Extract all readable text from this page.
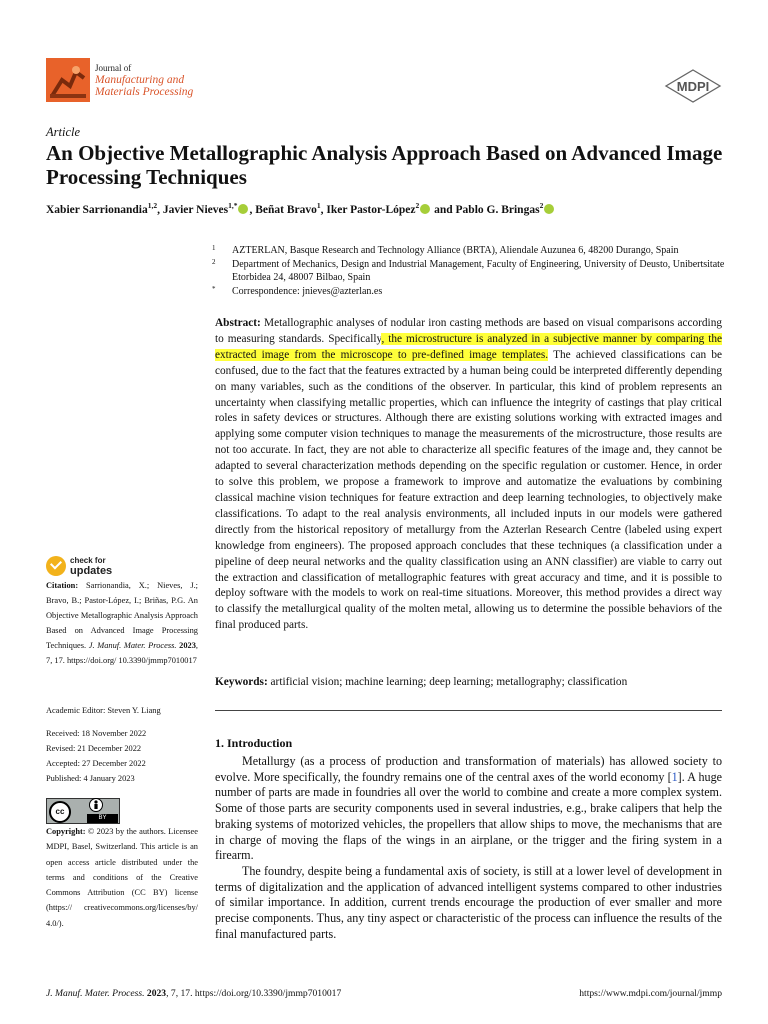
Journal of
Manufacturing and
Materials Processing	MDPI
Article
An Objective Metallographic Analysis Approach Based on Advanced Image Processing Techniques
Xabier Sarrionandia$^{1,2}$, Javier Nieves$^{1,*}$ , Beñat Bravo$^1$, Iker Pastor-López$^2$ and Pablo G. Bringas$^2$
1	AZTERLAN, Basque Research and Technology Alliance (BRTA), Aliendale Auzunea 6, 48200 Durango, Spain
2	Department of Mechanics, Design and Industrial Management, Faculty of Engineering, University of Deusto, Unibertsitate Etorbidea 24, 48007 Bilbao, Spain
*	Correspondence: jnieves@azterlan.es
Abstract: Metallographic analyses of nodular iron casting methods are based on visual comparisons according to measuring standards. Specifically, the microstructure is analyzed in a subjective manner by comparing the extracted image from the microscope to pre-defined image templates. The achieved classifications can be confused, due to the fact that the features extracted by a human being could be interpreted differently depending on many variables, such as the conditions of the observer. In particular, this kind of problem represents an uncertainty when classifying metallic properties, which can influence the integrity of castings that play critical roles in safety devices or structures. Although there are existing solutions working with extracted images and applying some computer vision techniques to manage the measurements of the microstructure, those results are not too accurate. In fact, they are not able to characterize all specific features of the image and, they cannot be adapted to several characterization methods depending on the specific regulation or customer. Hence, in order to solve this problem, we propose a framework to improve and automatize the evaluations by combining classical machine vision techniques for feature extraction and deep learning technologies, to objectively make classifications. To adapt to the real analysis environments, all included inputs in our models were gathered directly from the historical repository of metallurgy from the Azterlan Research Centre (labeled using expert knowledge from engineers). The proposed approach concludes that these techniques (a classification under a pipeline of deep neural networks and the quality classification using an ANN classifier) are viable to carry out the extraction and classification of metallographic features with great accuracy and time, and it is possible to deploy software with the models to work on real-time situations. Moreover, this method provides a direct way to classify the metallurgical quality of the molten metal, allowing us to determine the possible behaviors of the final produced parts.
Keywords: artificial vision; machine learning; deep learning; metallography; classification
1. Introduction

Metallurgy (as a process of production and transformation of materials) has allowed society to evolve. More specifically, the foundry remains one of the central axes of the world economy [1]. A huge number of parts are made in foundries all over the world to combine and create a more complex system. Some of those parts are security components used in several industries, e.g., brake calipers that help the braking systems of motorized vehicles, the propellers that allow ships to move, the mechanisms that are in charge of moving the flaps of the wings in an airplane, or the trigger and the firing system in a firearm.

The foundry, despite being a fundamental axis of society, is still at a lower level of development in terms of digitalization and the application of advanced intelligent systems compared to other industries of similar importance. In addition, current trends encourage the production of ever smaller and more precise components. Thus, any tiny aspect or characteristic of the process can influence the results of the final manufactured parts.

check for
updates
Citation: Sarrionandia, X.; Nieves, J.; Bravo, B.; Pastor-López, I.; Briñas, P.G. An Objective Metallographic Analysis Approach Based on Advanced Image Processing Techniques. J. Manuf. Mater. Process. 2023, 7, 17. https://doi.org/ 10.3390/jmmp7010017
Academic Editor: Steven Y. Liang
Received: 18 November 2022
Revised: 21 December 2022
Accepted: 27 December 2022
Published: 4 January 2023
cc
BY
Copyright: © 2023 by the authors. Licensee MDPI, Basel, Switzerland. This article is an open access article distributed under the terms and conditions of the Creative Commons Attribution (CC BY) license (https:// creativecommons.org/licenses/by/ 4.0/).
J. Manuf. Mater. Process. 2023, 7, 17. https://doi.org/10.3390/jmmp7010017	https://www.mdpi.com/journal/jmmp
